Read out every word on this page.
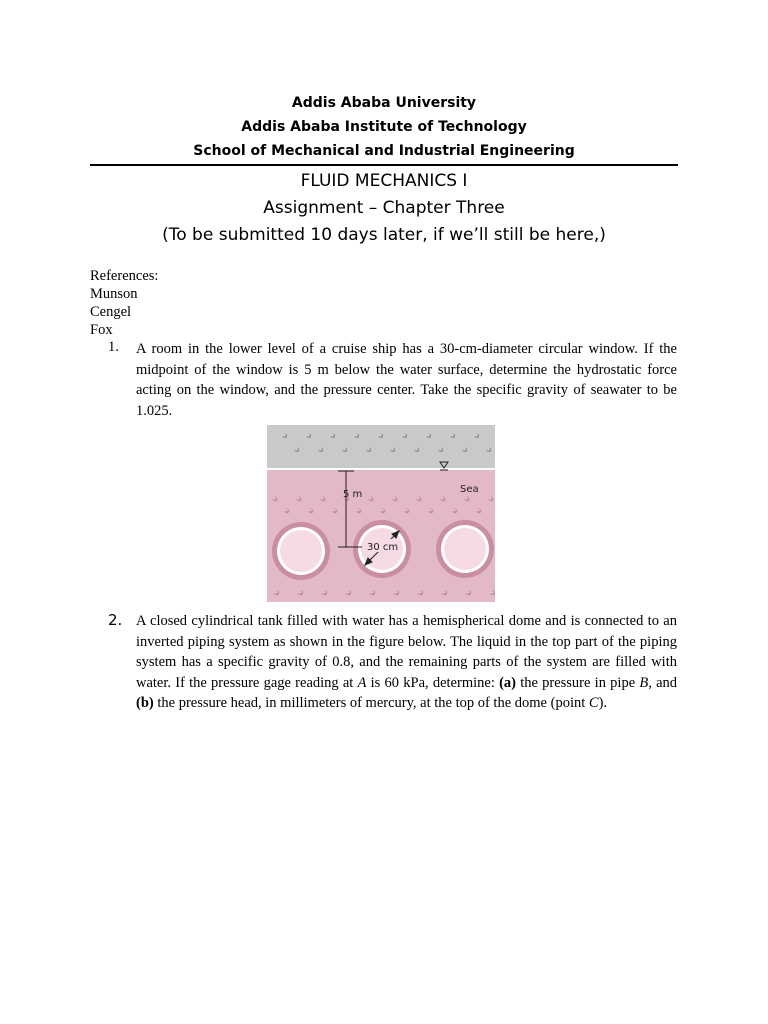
Addis Ababa University
Addis Ababa Institute of Technology
School of Mechanical and Industrial Engineering
FLUID MECHANICS I
Assignment – Chapter Three
(To be submitted 10 days later, if we’ll still be here,)
References:
Munson
Cengel
Fox
1. A room in the lower level of a cruise ship has a 30-cm-diameter circular window. If the midpoint of the window is 5 m below the water surface, determine the hydrostatic force acting on the window, and the pressure center. Take the specific gravity of seawater to be 1.025.
5 m
30 cm
Sea
2. A closed cylindrical tank filled with water has a hemispherical dome and is connected to an inverted piping system as shown in the figure below. The liquid in the top part of the piping system has a specific gravity of 0.8, and the remaining parts of the system are filled with water. If the pressure gage reading at A is 60 kPa, determine: (a) the pressure in pipe B, and (b) the pressure head, in millimeters of mercury, at the top of the dome (point C).
